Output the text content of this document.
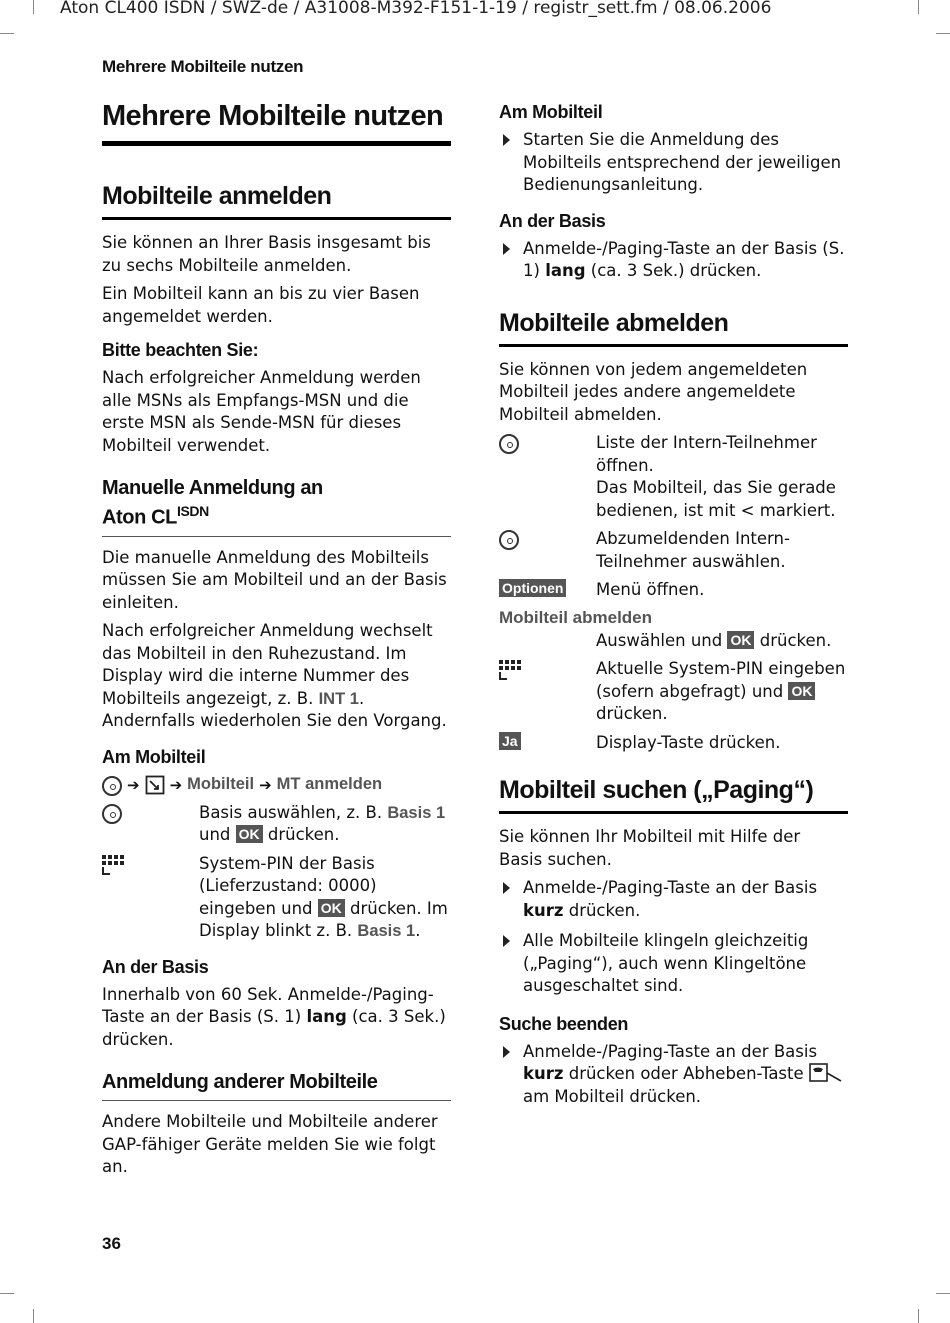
Aton CL400 ISDN / SWZ-de / A31008-M392-F151-1-19 / registr_sett.fm / 08.06.2006
Mehrere Mobilteile nutzen
Mehrere Mobilteile nutzen
Mobilteile anmelden

Sie können an Ihrer Basis insgesamt bis zu sechs Mobilteile anmelden.

Ein Mobilteil kann an bis zu vier Basen angemeldet werden.

Bitte beachten Sie:

Nach erfolgreicher Anmeldung werden alle MSNs als Empfangs-MSN und die erste MSN als Sende-MSN für dieses Mobilteil verwendet.

Manuelle Anmeldung an
Aton $CL^{ISDN}$

Die manuelle Anmeldung des Mobilteils müssen Sie am Mobilteil und an der Basis einleiten.

Nach erfolgreicher Anmeldung wechselt das Mobilteil in den Ruhezustand. Im Display wird die interne Nummer des Mobilteils angezeigt, z. B. INT 1. Andernfalls wiederholen Sie den Vorgang.

Am Mobilteil
➔ ➔ Mobilteil ➔ MT anmelden
Basis auswählen, z. B. Basis 1
und OK drücken.
System-PIN der Basis (Lieferzustand: 0000) eingeben und OK drücken. Im Display blinkt z. B. Basis 1.
An der Basis

Innerhalb von 60 Sek. Anmelde-/Paging-Taste an der Basis (S. 1) lang (ca. 3 Sek.) drücken.

Anmeldung anderer Mobilteile

Andere Mobilteile und Mobilteile anderer GAP-fähiger Geräte melden Sie wie folgt an.

Am Mobilteil
Starten Sie die Anmeldung des Mobilteils entsprechend der jeweiligen Bedienungsanleitung.
An der Basis
Anmelde-/Paging-Taste an der Basis (S. 1) lang (ca. 3 Sek.) drücken.
Mobilteile abmelden

Sie können von jedem angemeldeten Mobilteil jedes andere angemeldete Mobilteil abmelden.

Liste der Intern-Teilnehmer öffnen.
Das Mobilteil, das Sie gerade bedienen, ist mit < markiert.
Abzumeldenden Intern-Teilnehmer auswählen.
Optionen	Menü öffnen.
Mobilteil abmelden
Auswählen und OK drücken.
Aktuelle System-PIN eingeben (sofern abgefragt) und OK drücken.
Ja	Display-Taste drücken.
Mobilteil suchen („Paging“)

Sie können Ihr Mobilteil mit Hilfe der Basis suchen.

Anmelde-/Paging-Taste an der Basis kurz drücken.
Alle Mobilteile klingeln gleichzeitig („Paging“), auch wenn Klingeltöne ausgeschaltet sind.
Suche beenden
Anmelde-/Paging-Taste an der Basis kurz drücken oder Abheben-Taste  am Mobilteil drücken.
36
